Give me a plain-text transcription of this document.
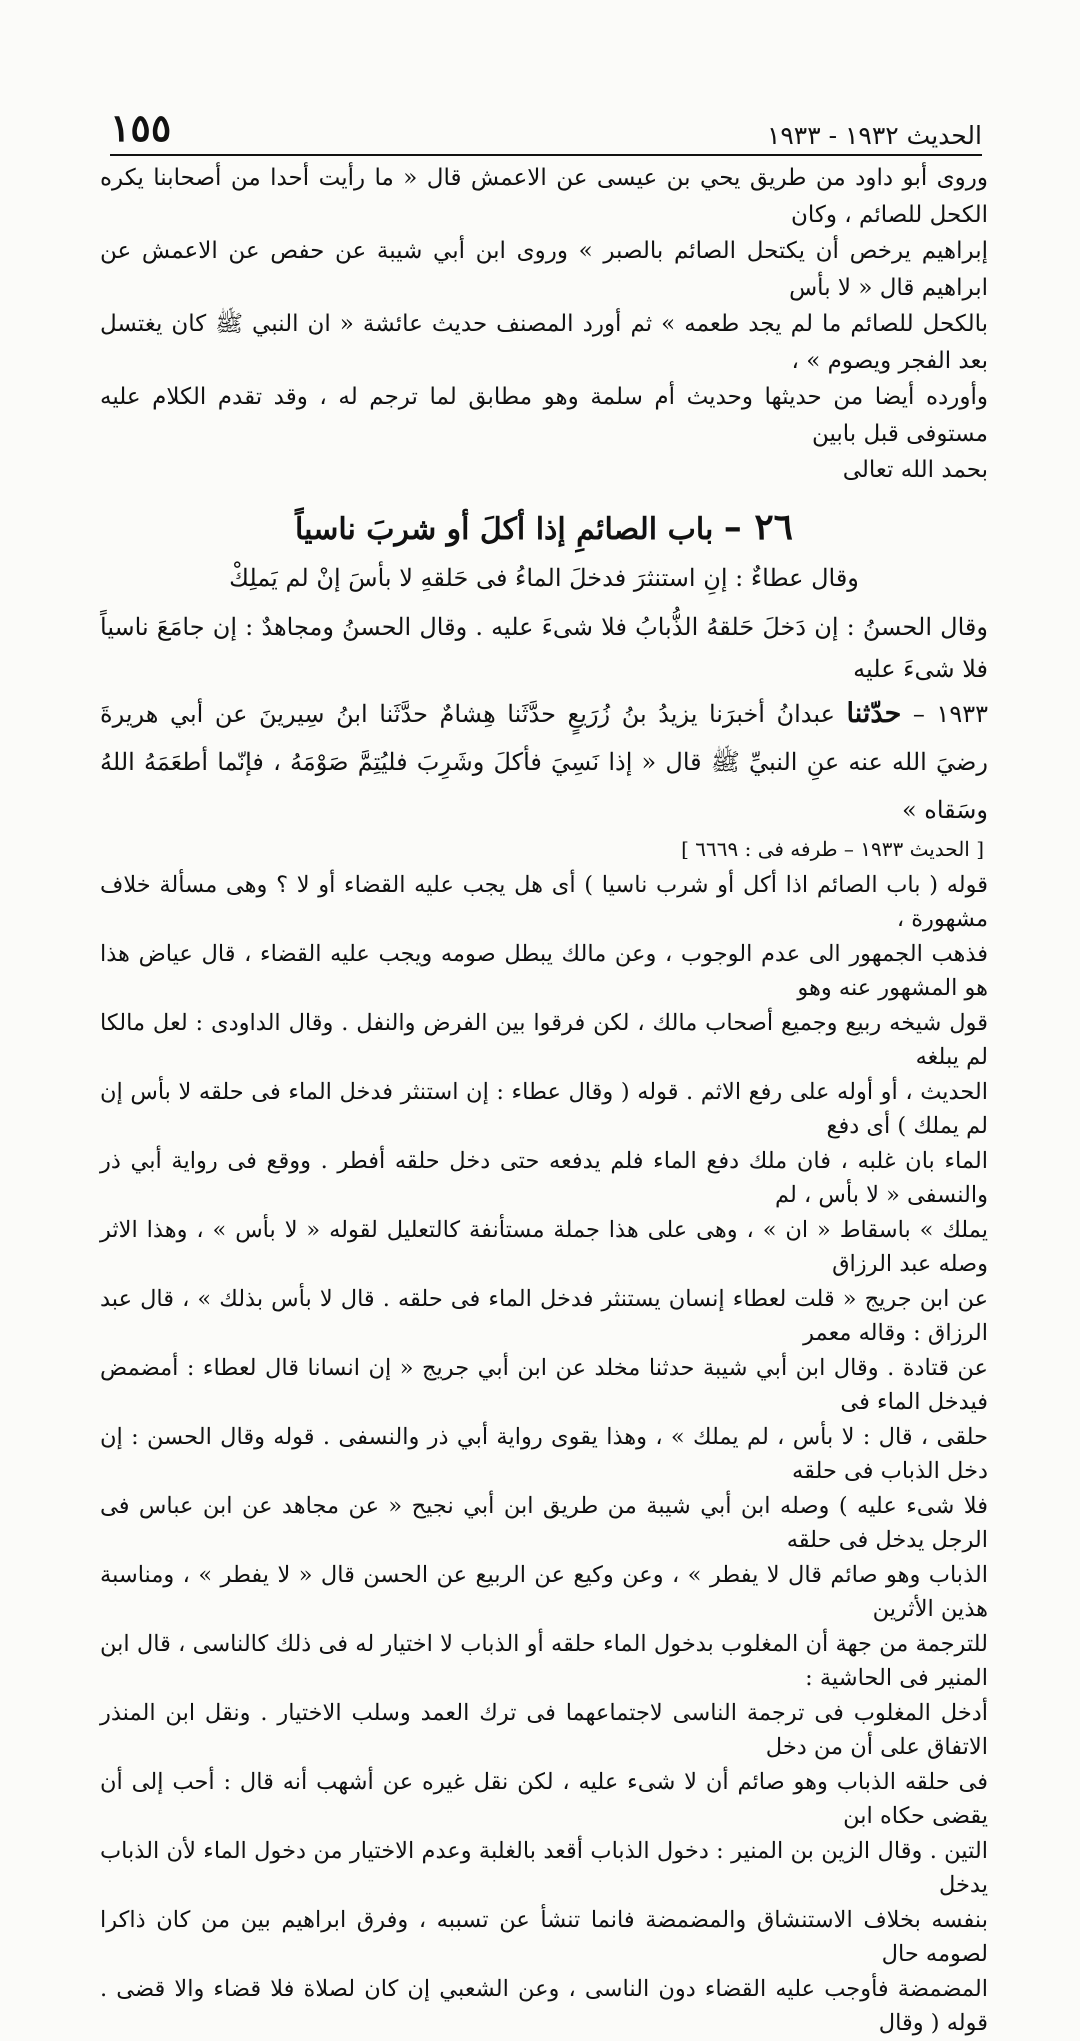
١٥٥	الحديث ١٩٣٢ - ١٩٣٣

وروى أبو داود من طريق يحي بن عيسى عن الاعمش قال « ما رأيت أحدا من أصحابنا يكره الكحل للصائم ، وكان

إبراهيم يرخص أن يكتحل الصائم بالصبر » وروى ابن أبي شيبة عن حفص عن الاعمش عن ابراهيم قال « لا بأس

بالكحل للصائم ما لم يجد طعمه » ثم أورد المصنف حديث عائشة « ان النبي ﷺ كان يغتسل بعد الفجر ويصوم » ،

وأورده أيضا من حديثها وحديث أم سلمة وهو مطابق لما ترجم له ، وقد تقدم الكلام عليه مستوفى قبل بابين

بحمد الله تعالى

٢٦ – باب الصائمِ إذا أكلَ أو شربَ ناسياً

وقال عطاءٌ : إنِ استنثرَ فدخلَ الماءُ فى حَلقهِ لا بأسَ إنْ لم يَملِكْ

وقال الحسنُ : إن دَخلَ حَلقهُ الذُّبابُ فلا شىءَ عليه . وقال الحسنُ ومجاهدٌ : إن جامَعَ ناسياً فلا شىءَ عليه

١٩٣٣ – حدّثنا عبدانُ أخبرَنا يزيدُ بنُ زُرَيعٍ حدَّثَنا هِشامٌ حدَّثَنا ابنُ سِيرينَ عن أبي هريرةَ رضيَ الله عنه عنِ النبيِّ ﷺ قال « إذا نَسِيَ فأكلَ وشَرِبَ فليُتِمَّ صَوْمَهُ ، فإنّما أطعَمَهُ اللهُ وسَقاه »

[ الحديث ١٩٣٣ – طرفه فى : ٦٦٦٩ ]

قوله ( باب الصائم اذا أكل أو شرب ناسيا ) أى هل يجب عليه القضاء أو لا ؟ وهى مسألة خلاف مشهورة ،

فذهب الجمهور الى عدم الوجوب ، وعن مالك يبطل صومه ويجب عليه القضاء ، قال عياض هذا هو المشهور عنه وهو

قول شيخه ربيع وجميع أصحاب مالك ، لكن فرقوا بين الفرض والنفل . وقال الداودى : لعل مالكا لم يبلغه

الحديث ، أو أوله على رفع الاثم . قوله ( وقال عطاء : إن استنثر فدخل الماء فى حلقه لا بأس إن لم يملك ) أى دفع

الماء بان غلبه ، فان ملك دفع الماء فلم يدفعه حتى دخل حلقه أفطر . ووقع فى رواية أبي ذر والنسفى « لا بأس ، لم

يملك » باسقاط « ان » ، وهى على هذا جملة مستأنفة كالتعليل لقوله « لا بأس » ، وهذا الاثر وصله عبد الرزاق

عن ابن جريج « قلت لعطاء إنسان يستنثر فدخل الماء فى حلقه . قال لا بأس بذلك » ، قال عبد الرزاق : وقاله معمر

عن قتادة . وقال ابن أبي شيبة حدثنا مخلد عن ابن أبي جريج « إن انسانا قال لعطاء : أمضمض فيدخل الماء فى

حلقى ، قال : لا بأس ، لم يملك » ، وهذا يقوى رواية أبي ذر والنسفى . قوله وقال الحسن : إن دخل الذباب فى حلقه

فلا شىء عليه ) وصله ابن أبي شيبة من طريق ابن أبي نجيح « عن مجاهد عن ابن عباس فى الرجل يدخل فى حلقه

الذباب وهو صائم قال لا يفطر » ، وعن وكيع عن الربيع عن الحسن قال « لا يفطر » ، ومناسبة هذين الأثرين

للترجمة من جهة أن المغلوب بدخول الماء حلقه أو الذباب لا اختيار له فى ذلك كالناسى ، قال ابن المنير فى الحاشية :

أدخل المغلوب فى ترجمة الناسى لاجتماعهما فى ترك العمد وسلب الاختيار . ونقل ابن المنذر الاتفاق على أن من دخل

فى حلقه الذباب وهو صائم أن لا شىء عليه ، لكن نقل غيره عن أشهب أنه قال : أحب إلى أن يقضى حكاه ابن

التين . وقال الزين بن المنير : دخول الذباب أقعد بالغلبة وعدم الاختيار من دخول الماء لأن الذباب يدخل

بنفسه بخلاف الاستنشاق والمضمضة فانما تنشأ عن تسببه ، وفرق ابراهيم بين من كان ذاكرا لصومه حال

المضمضة فأوجب عليه القضاء دون الناسى ، وعن الشعبي إن كان لصلاة فلا قضاء والا قضى . قوله ( وقال
